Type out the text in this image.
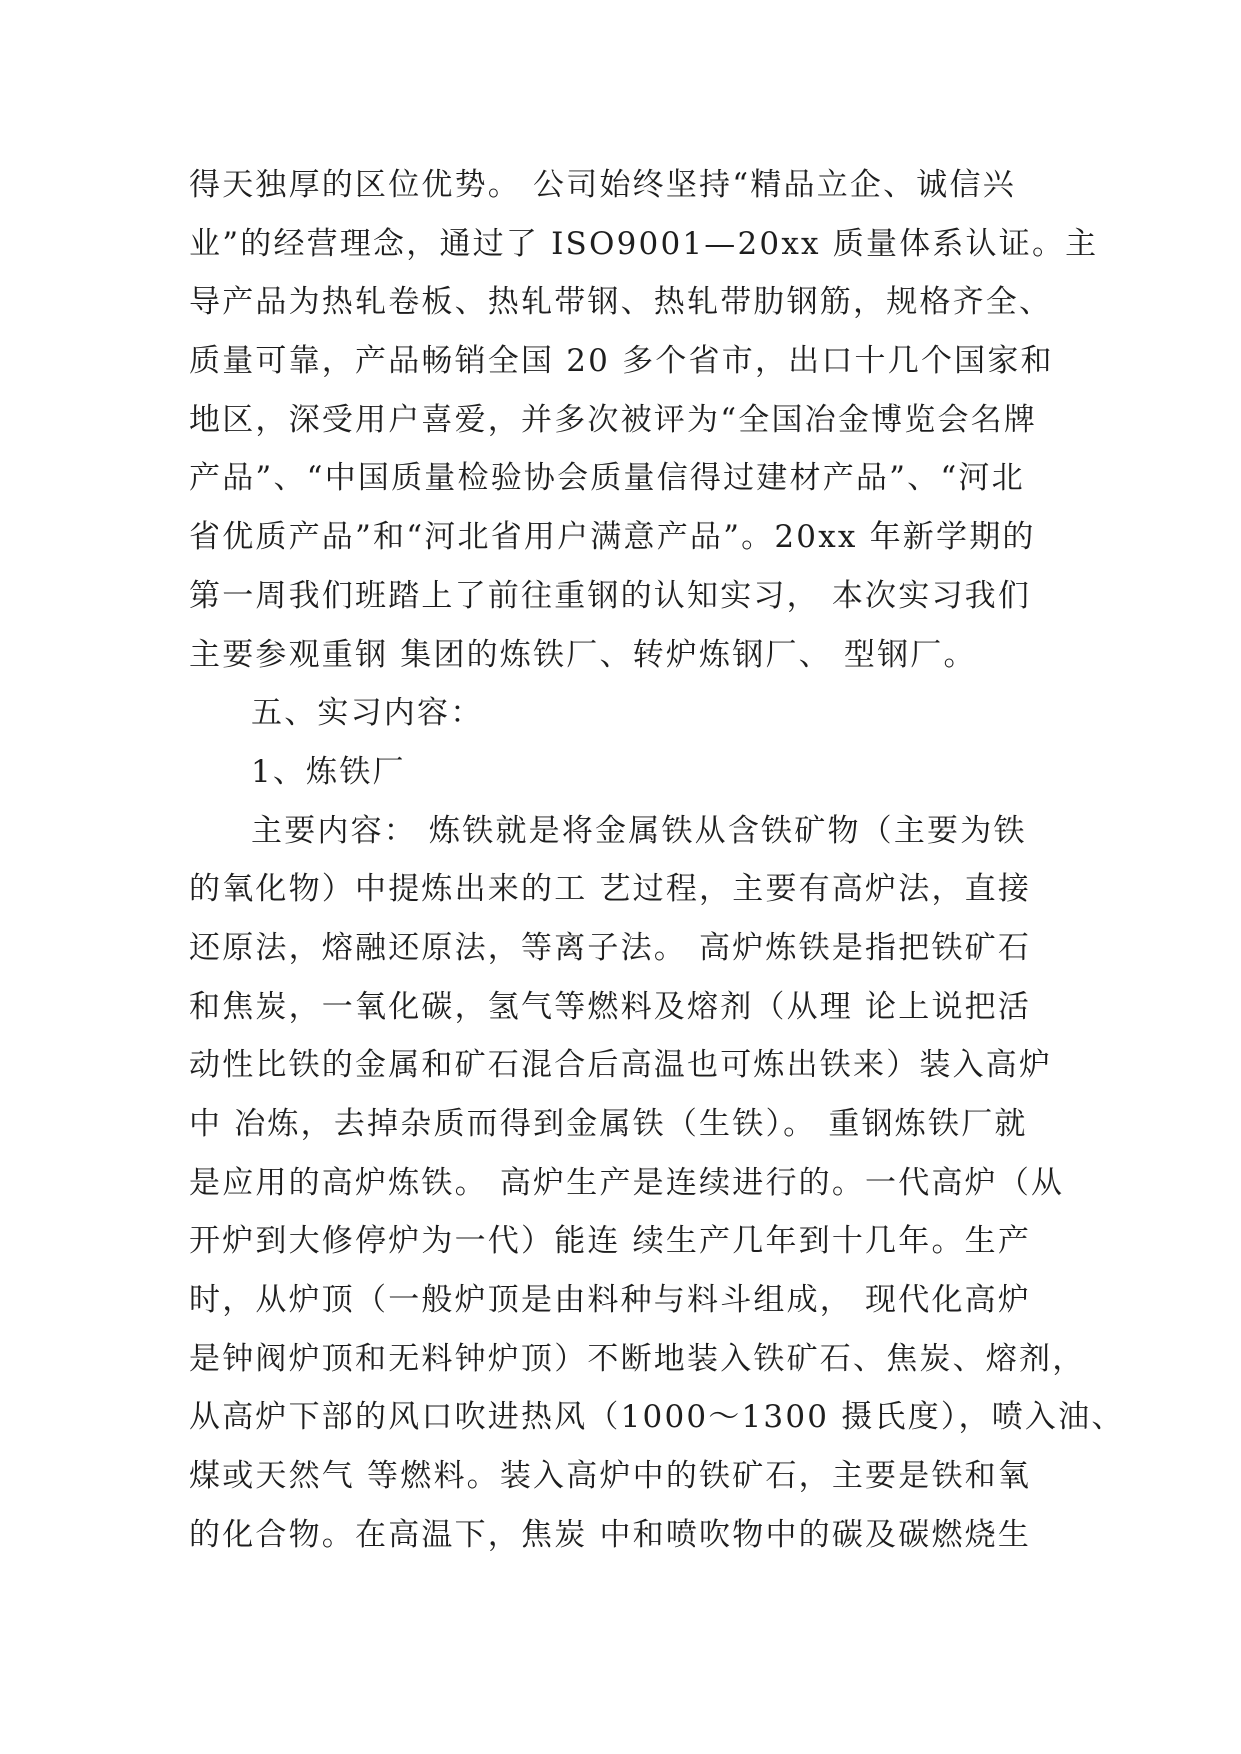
得天独厚的区位优势。 公司始终坚持“精品立企、诚信兴
业”的经营理念，通过了 ISO9001—20xx 质量体系认证。主
导产品为热轧卷板、热轧带钢、热轧带肋钢筋，规格齐全、
质量可靠，产品畅销全国 20 多个省市，出口十几个国家和
地区，深受用户喜爱，并多次被评为“全国冶金博览会名牌
产品”、“中国质量检验协会质量信得过建材产品”、“河北
省优质产品”和“河北省用户满意产品”。20xx 年新学期的
第一周我们班踏上了前往重钢的认知实习， 本次实习我们
主要参观重钢 集团的炼铁厂、转炉炼钢厂、 型钢厂。
五、实习内容：
1、炼铁厂
主要内容： 炼铁就是将金属铁从含铁矿物（主要为铁
的氧化物）中提炼出来的工 艺过程，主要有高炉法，直接
还原法，熔融还原法，等离子法。 高炉炼铁是指把铁矿石
和焦炭，一氧化碳，氢气等燃料及熔剂（从理 论上说把活
动性比铁的金属和矿石混合后高温也可炼出铁来）装入高炉
中 冶炼，去掉杂质而得到金属铁（生铁）。 重钢炼铁厂就
是应用的高炉炼铁。 高炉生产是连续进行的。一代高炉（从
开炉到大修停炉为一代）能连 续生产几年到十几年。生产
时，从炉顶（一般炉顶是由料种与料斗组成， 现代化高炉
是钟阀炉顶和无料钟炉顶）不断地装入铁矿石、焦炭、熔剂，
从高炉下部的风口吹进热风（1000～1300 摄氏度），喷入油、
煤或天然气 等燃料。装入高炉中的铁矿石，主要是铁和氧
的化合物。在高温下，焦炭 中和喷吹物中的碳及碳燃烧生
